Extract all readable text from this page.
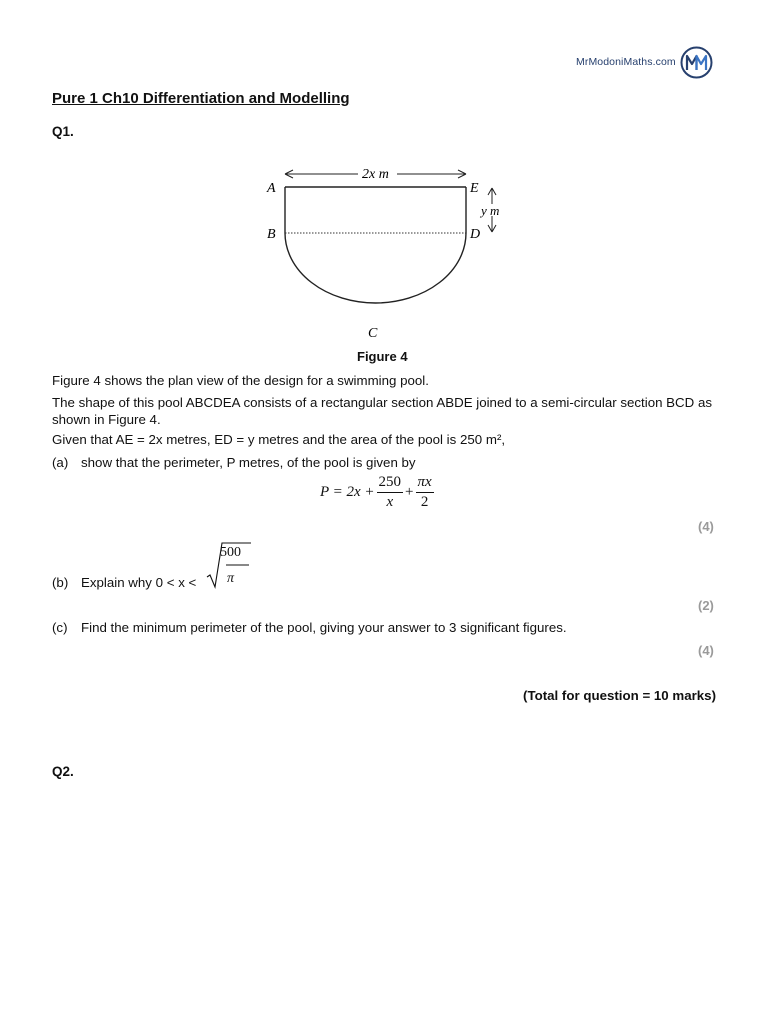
MrModoniMaths.com
Pure 1 Ch10 Differentiation and Modelling
Q1.
2x m
y m
A	E
B	D
C
Figure 4
Figure 4 shows the plan view of the design for a swimming pool.
The shape of this pool ABCDEA consists of a rectangular section ABDE joined to a semi-circular section BCD as shown in Figure 4.
Given that AE = 2x metres, ED = y metres and the area of the pool is 250 m²,
(a) show that the perimeter, P metres, of the pool is given by
$P = 2x + \frac{250}{x} + \frac{\pi x}{2}$
(4)
(b) Explain why 0 < x <
500
π
(2)
(c) Find the minimum perimeter of the pool, giving your answer to 3 significant figures.
(4)
(Total for question = 10 marks)
Q2.
